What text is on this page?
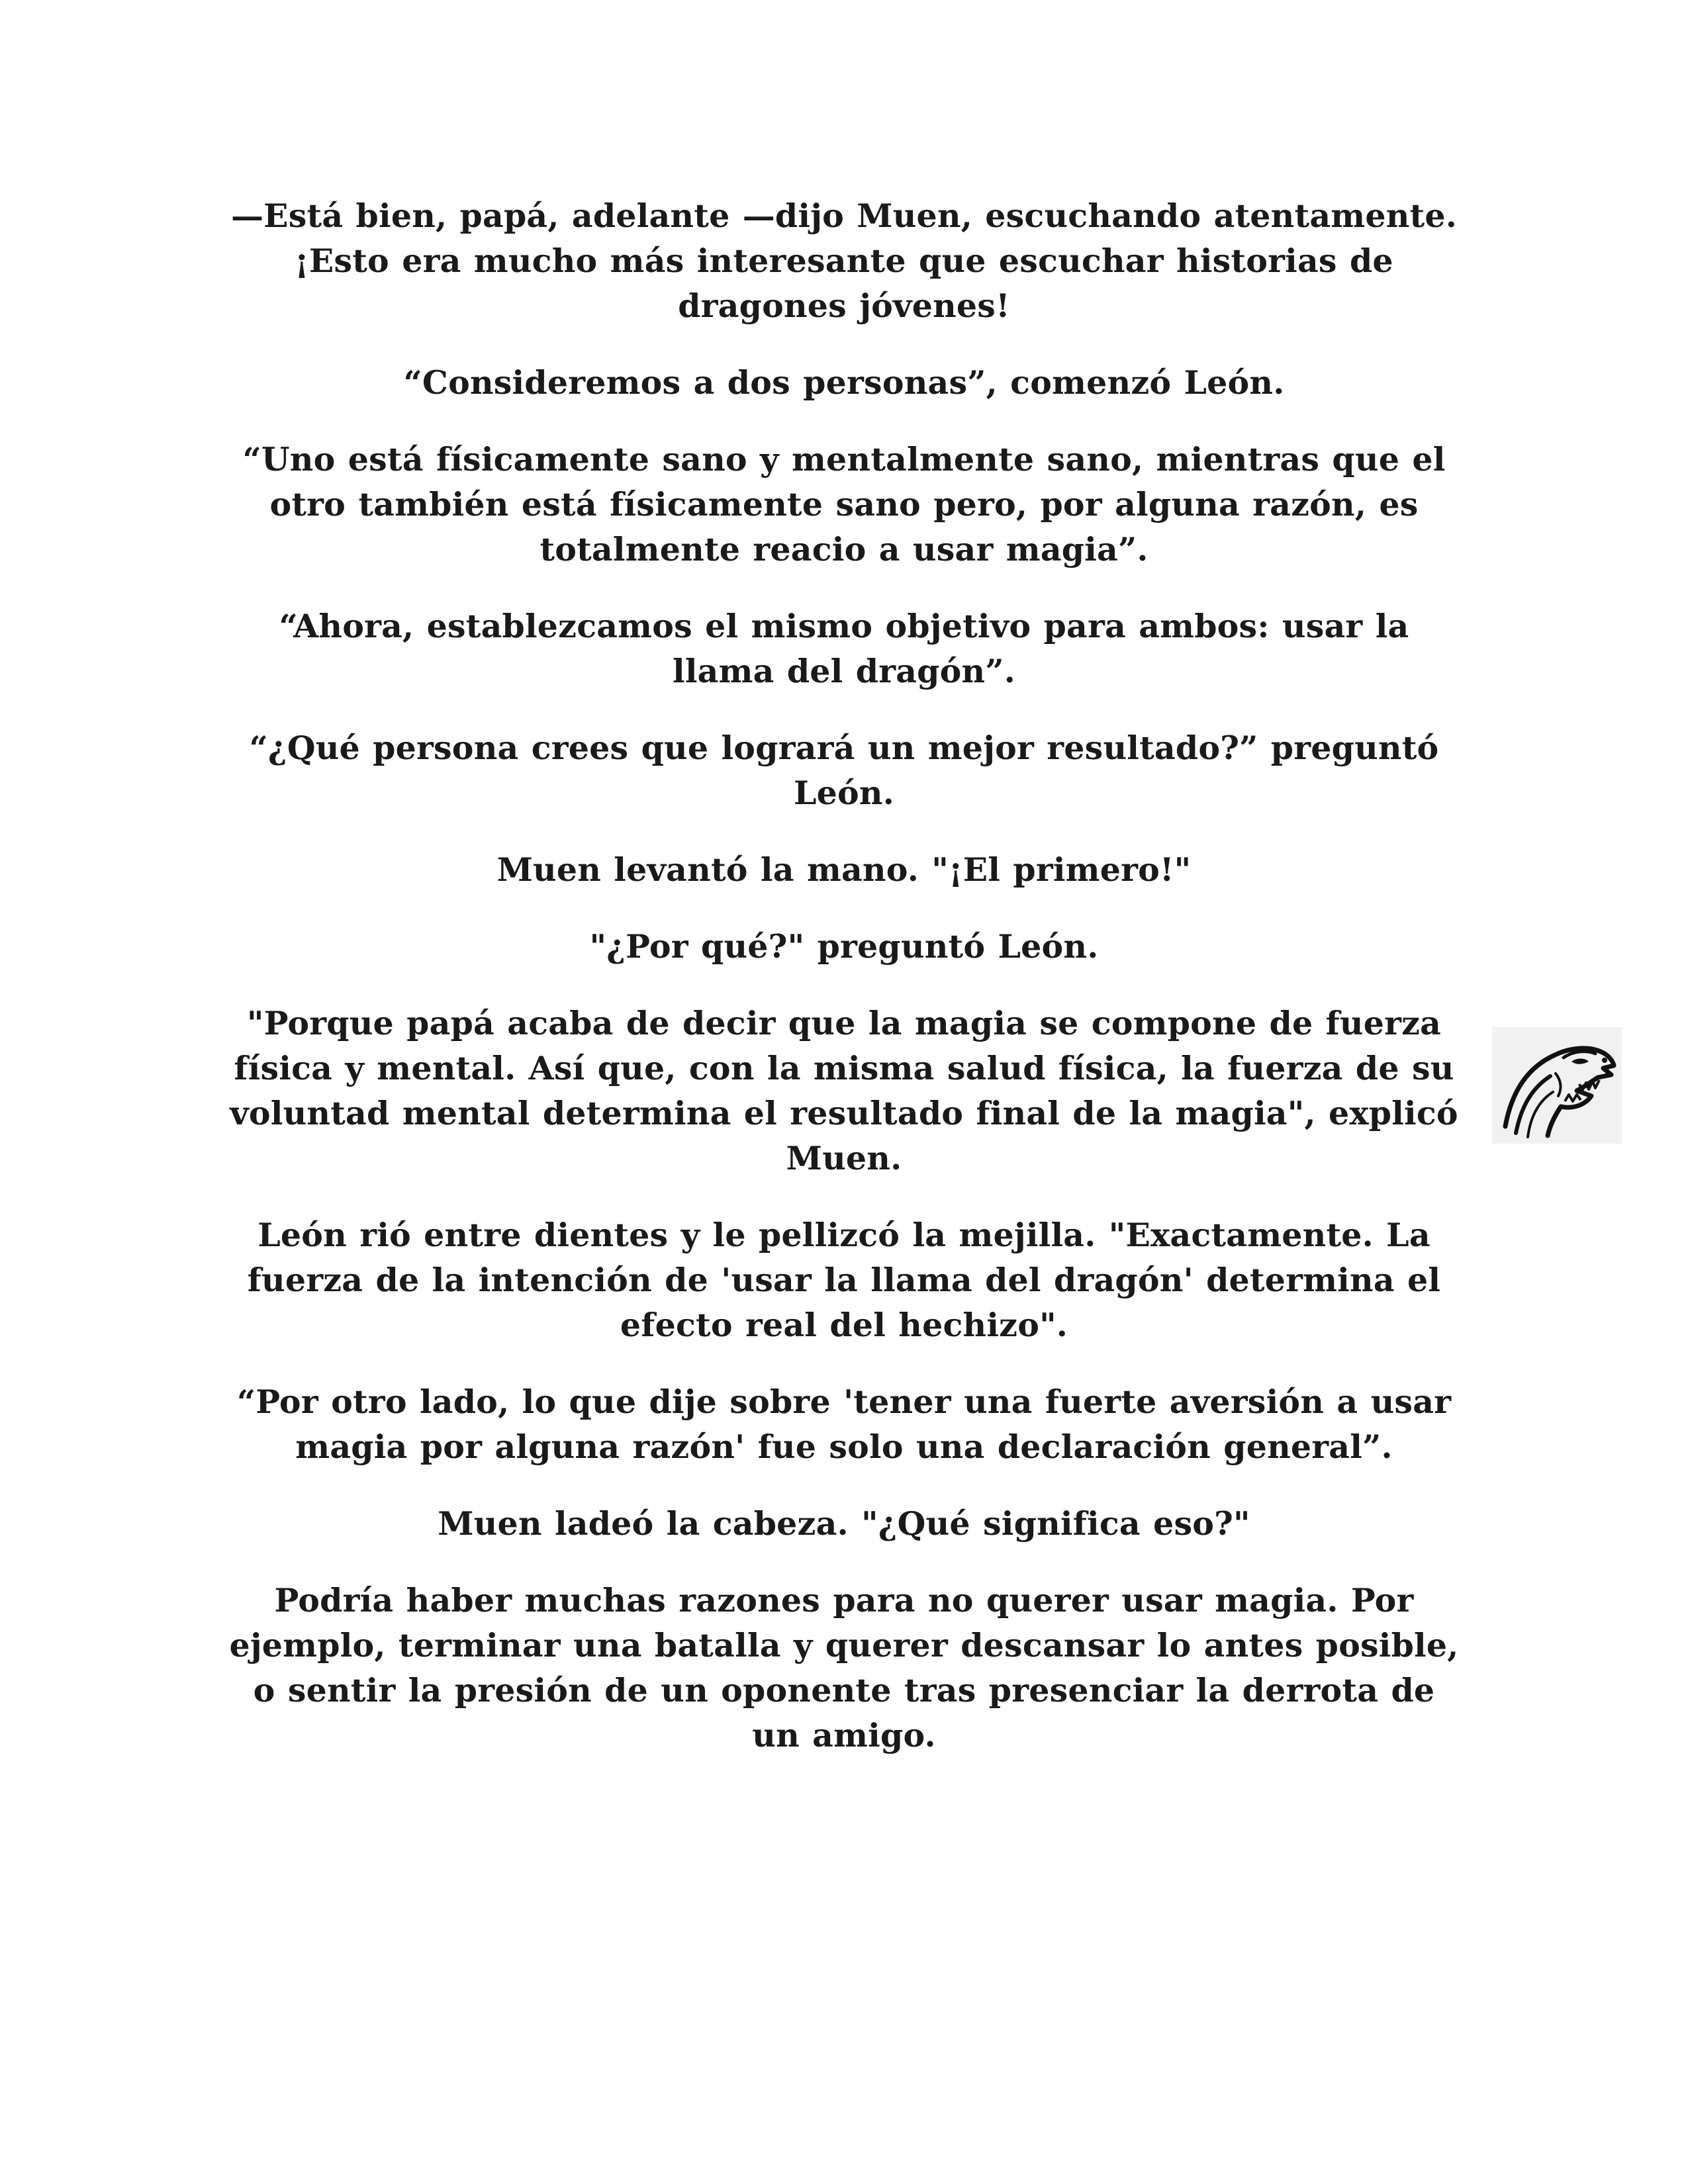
—Está bien, papá, adelante —dijo Muen, escuchando atentamente. ¡Esto era mucho más interesante que escuchar historias de dragones jóvenes!

“Consideremos a dos personas”, comenzó León.

“Uno está físicamente sano y mentalmente sano, mientras que el otro también está físicamente sano pero, por alguna razón, es totalmente reacio a usar magia”.

“Ahora, establezcamos el mismo objetivo para ambos: usar la llama del dragón”.

“¿Qué persona crees que logrará un mejor resultado?” preguntó León.

Muen levantó la mano. "¡El primero!"

"¿Por qué?" preguntó León.

"Porque papá acaba de decir que la magia se compone de fuerza física y mental. Así que, con la misma salud física, la fuerza de su voluntad mental determina el resultado final de la magia", explicó Muen.

León rió entre dientes y le pellizcó la mejilla. "Exactamente. La fuerza de la intención de 'usar la llama del dragón' determina el efecto real del hechizo".

“Por otro lado, lo que dije sobre 'tener una fuerte aversión a usar magia por alguna razón' fue solo una declaración general”.

Muen ladeó la cabeza. "¿Qué significa eso?"

Podría haber muchas razones para no querer usar magia. Por ejemplo, terminar una batalla y querer descansar lo antes posible, o sentir la presión de un oponente tras presenciar la derrota de un amigo.
